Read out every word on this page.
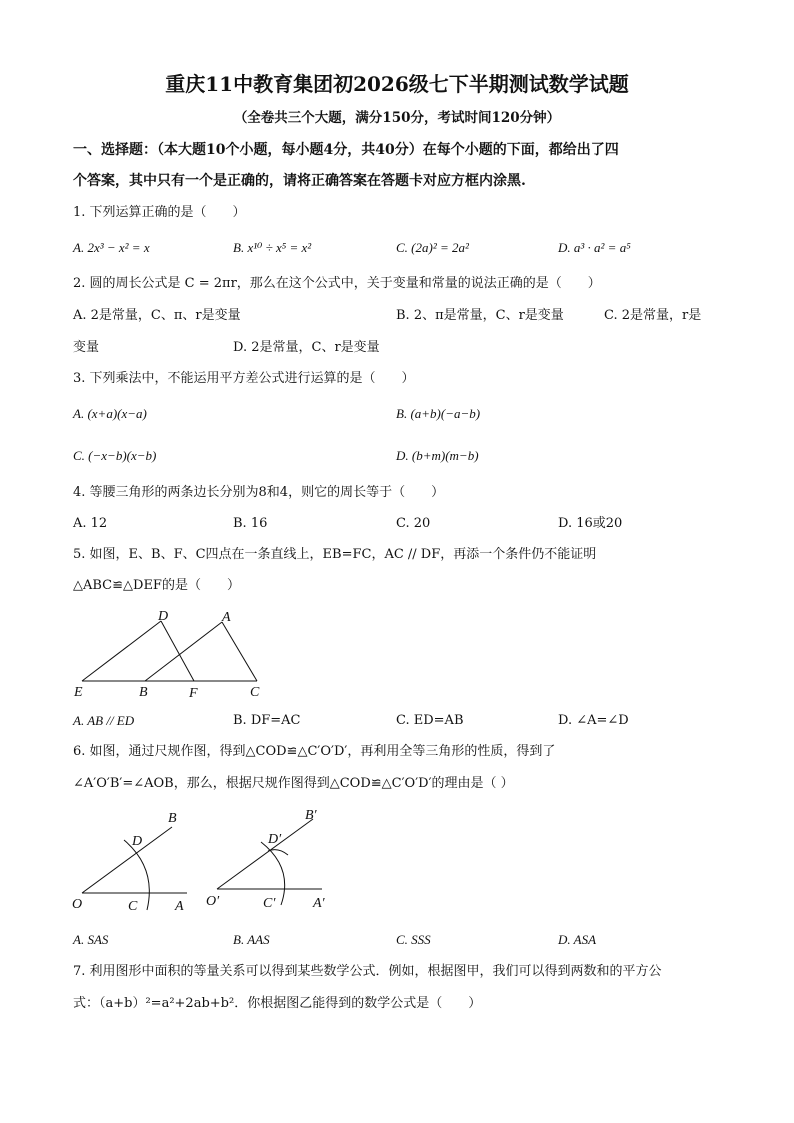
重庆11中教育集团初2026级七下半期测试数学试题
（全卷共三个大题，满分150分，考试时间120分钟）
一、选择题：（本大题10个小题，每小题4分，共40分）在每个小题的下面，都给出了四
个答案，其中只有一个是正确的，请将正确答案在答题卡对应方框内涂黑.
1. 下列运算正确的是（　　）
A. 2x³ − x² = x	B. x¹⁰ ÷ x⁵ = x²	C. (2a)² = 2a²	D. a³ · a² = a⁵
2. 圆的周长公式是 C = 2πr，那么在这个公式中，关于变量和常量的说法正确的是（　　）
A. 2是常量，C、π、r是变量	B. 2、π是常量，C、r是变量	C. 2是常量，r是
变量	D. 2是常量，C、r是变量
3. 下列乘法中，不能运用平方差公式进行运算的是（　　）
A. (x+a)(x−a)	B. (a+b)(−a−b)
C. (−x−b)(x−b)	D. (b+m)(m−b)
4. 等腰三角形的两条边长分别为8和4，则它的周长等于（　　）
A. 12	B. 16	C. 20	D. 16或20
5. 如图，E、B、F、C四点在一条直线上，EB=FC，AC // DF，再添一个条件仍不能证明
△ABC≌△DEF的是（　　）
D	A
E	B	F	C
A. AB // ED	B. DF=AC	C. ED=AB	D. ∠A=∠D
6. 如图，通过尺规作图，得到△COD≌△C′O′D′，再利用全等三角形的性质，得到了
∠A′O′B′=∠AOB，那么，根据尺规作图得到△COD≌△C′O′D′的理由是（ ）
B
D
O	C	A
B′
D′
O′	C′	A′
A. SAS	B. AAS	C. SSS	D. ASA
7. 利用图形中面积的等量关系可以得到某些数学公式．例如，根据图甲，我们可以得到两数和的平方公
式：（a+b）²=a²+2ab+b²．你根据图乙能得到的数学公式是（　　）
